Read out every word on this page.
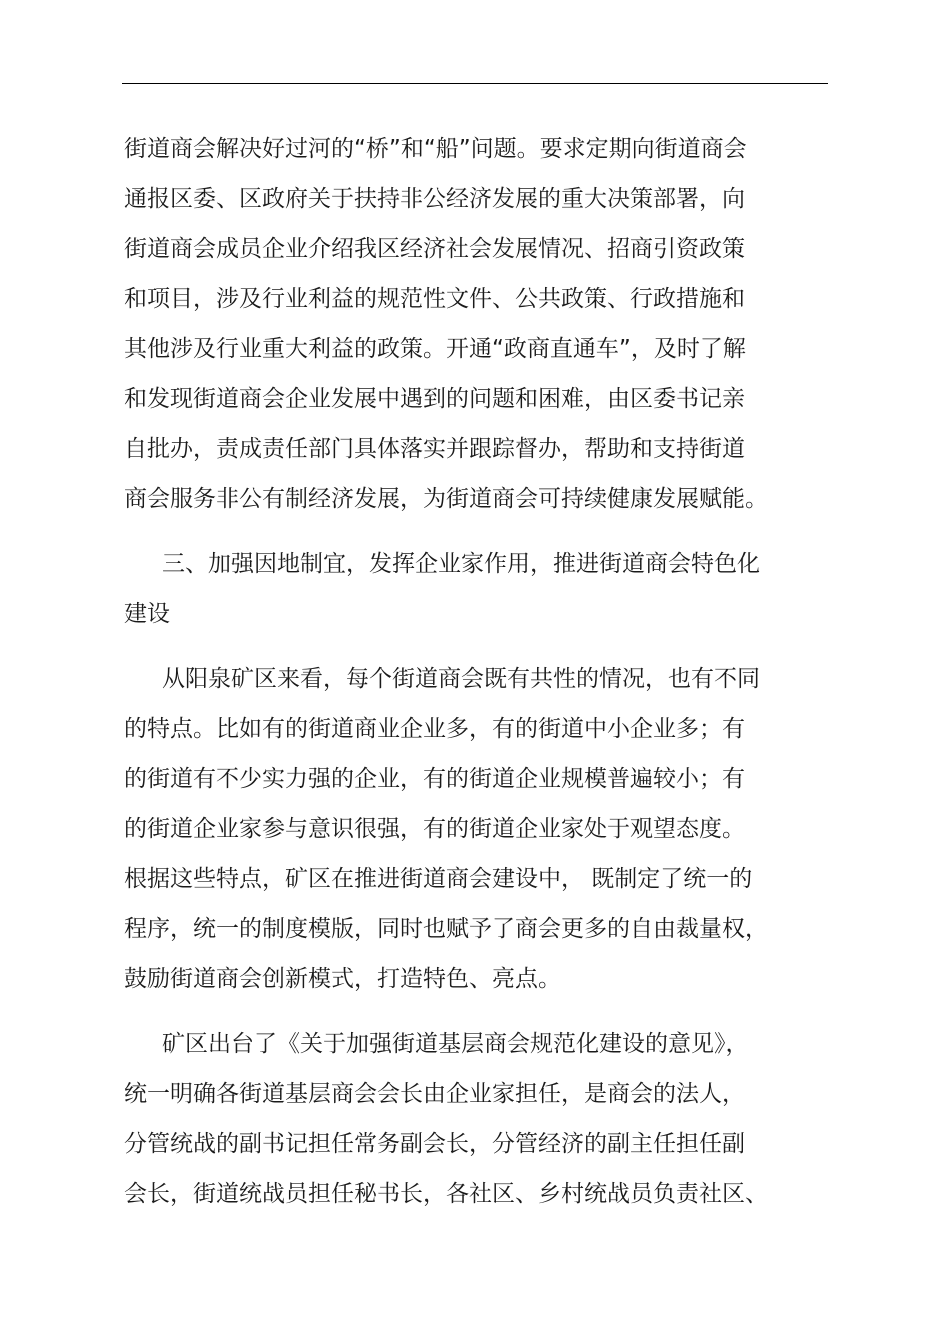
街道商会解决好过河的“桥”和“船”问题。要求定期向街道商会
通报区委、区政府关于扶持非公经济发展的重大决策部署，向
街道商会成员企业介绍我区经济社会发展情况、招商引资政策
和项目，涉及行业利益的规范性文件、公共政策、行政措施和
其他涉及行业重大利益的政策。开通“政商直通车”，及时了解
和发现街道商会企业发展中遇到的问题和困难，由区委书记亲
自批办，责成责任部门具体落实并跟踪督办，帮助和支持街道
商会服务非公有制经济发展，为街道商会可持续健康发展赋能。
三、加强因地制宜，发挥企业家作用，推进街道商会特色化
建设
从阳泉矿区来看，每个街道商会既有共性的情况，也有不同
的特点。比如有的街道商业企业多，有的街道中小企业多；有
的街道有不少实力强的企业，有的街道企业规模普遍较小；有
的街道企业家参与意识很强，有的街道企业家处于观望态度。
根据这些特点，矿区在推进街道商会建设中， 既制定了统一的
程序，统一的制度模版，同时也赋予了商会更多的自由裁量权，
鼓励街道商会创新模式，打造特色、亮点。
矿区出台了《关于加强街道基层商会规范化建设的意见》，
统一明确各街道基层商会会长由企业家担任，是商会的法人，
分管统战的副书记担任常务副会长，分管经济的副主任担任副
会长，街道统战员担任秘书长，各社区、乡村统战员负责社区、
